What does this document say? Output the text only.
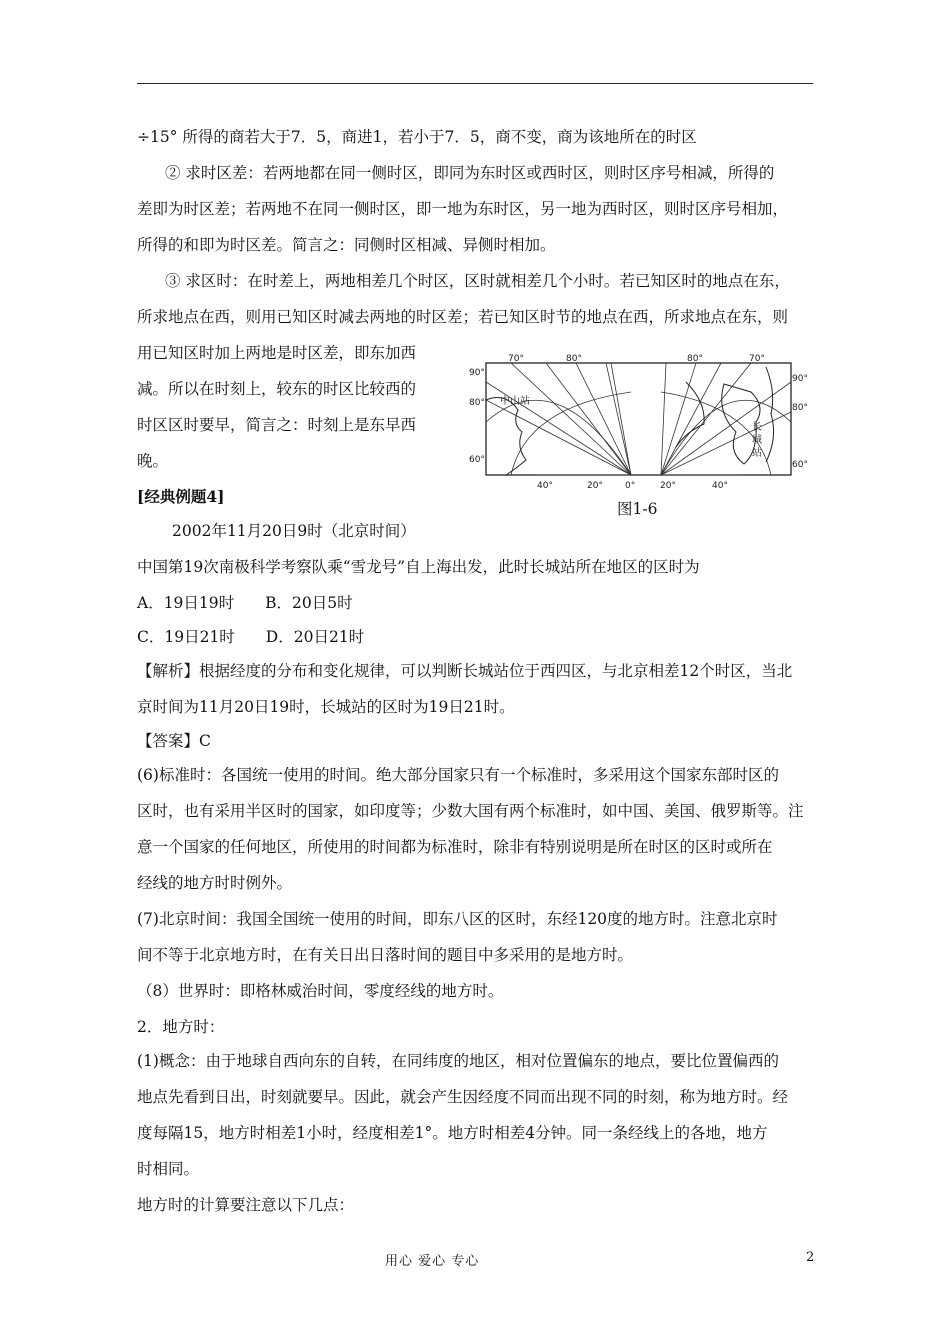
÷15° 所得的商若大于7．5，商进1，若小于7．5，商不变，商为该地所在的时区
② 求时区差：若两地都在同一侧时区，即同为东时区或西时区，则时区序号相减，所得的
差即为时区差；若两地不在同一侧时区，即一地为东时区，另一地为西时区，则时区序号相加，
所得的和即为时区差。简言之：同侧时区相减、异侧时相加。
③ 求区时：在时差上，两地相差几个时区，区时就相差几个小时。若已知区时的地点在东，
所求地点在西，则用已知区时减去两地的时区差；若已知区时节的地点在西，所求地点在东，则
用已知区时加上两地是时区差，即东加西
减。所以在时刻上，较东的时区比较西的
时区区时要早，简言之：时刻上是东早西
晚。
[经典例题4]
2002年11月20日9时（北京时间）
中国第19次南极科学考察队乘“雪龙号”自上海出发，此时长城站所在地区的区时为
A．19日19时　　B．20日5时
C．19日21时　　D．20日21时
【解析】根据经度的分布和变化规律，可以判断长城站位于西四区，与北京相差12个时区，当北
京时间为11月20日19时，长城站的区时为19日21时。
【答案】C
(6)标准时：各国统一使用的时间。绝大部分国家只有一个标准时，多采用这个国家东部时区的
区时，也有采用半区时的国家，如印度等；少数大国有两个标准时，如中国、美国、俄罗斯等。注
意一个国家的任何地区，所使用的时间都为标准时，除非有特别说明是所在时区的区时或所在
经线的地方时时例外。
(7)北京时间：我国全国统一使用的时间，即东八区的区时，东经120度的地方时。注意北京时
间不等于北京地方时，在有关日出日落时间的题目中多采用的是地方时。
（8）世界时：即格林威治时间，零度经线的地方时。
2．地方时：
(1)概念：由于地球自西向东的自转，在同纬度的地区，相对位置偏东的地点，要比位置偏西的
地点先看到日出，时刻就要早。因此，就会产生因经度不同而出现不同的时刻，称为地方时。经
度每隔15，地方时相差1小时，经度相差1°。地方时相差4分钟。同一条经线上的各地，地方
时相同。
地方时的计算要注意以下几点：
中山站
长
城
站
70°	80°	80°	70°
40°	20° 0°	20°	40°
90°
80°
60°
90°
80°
60°
图1-6
用心 爱心 专心	2
